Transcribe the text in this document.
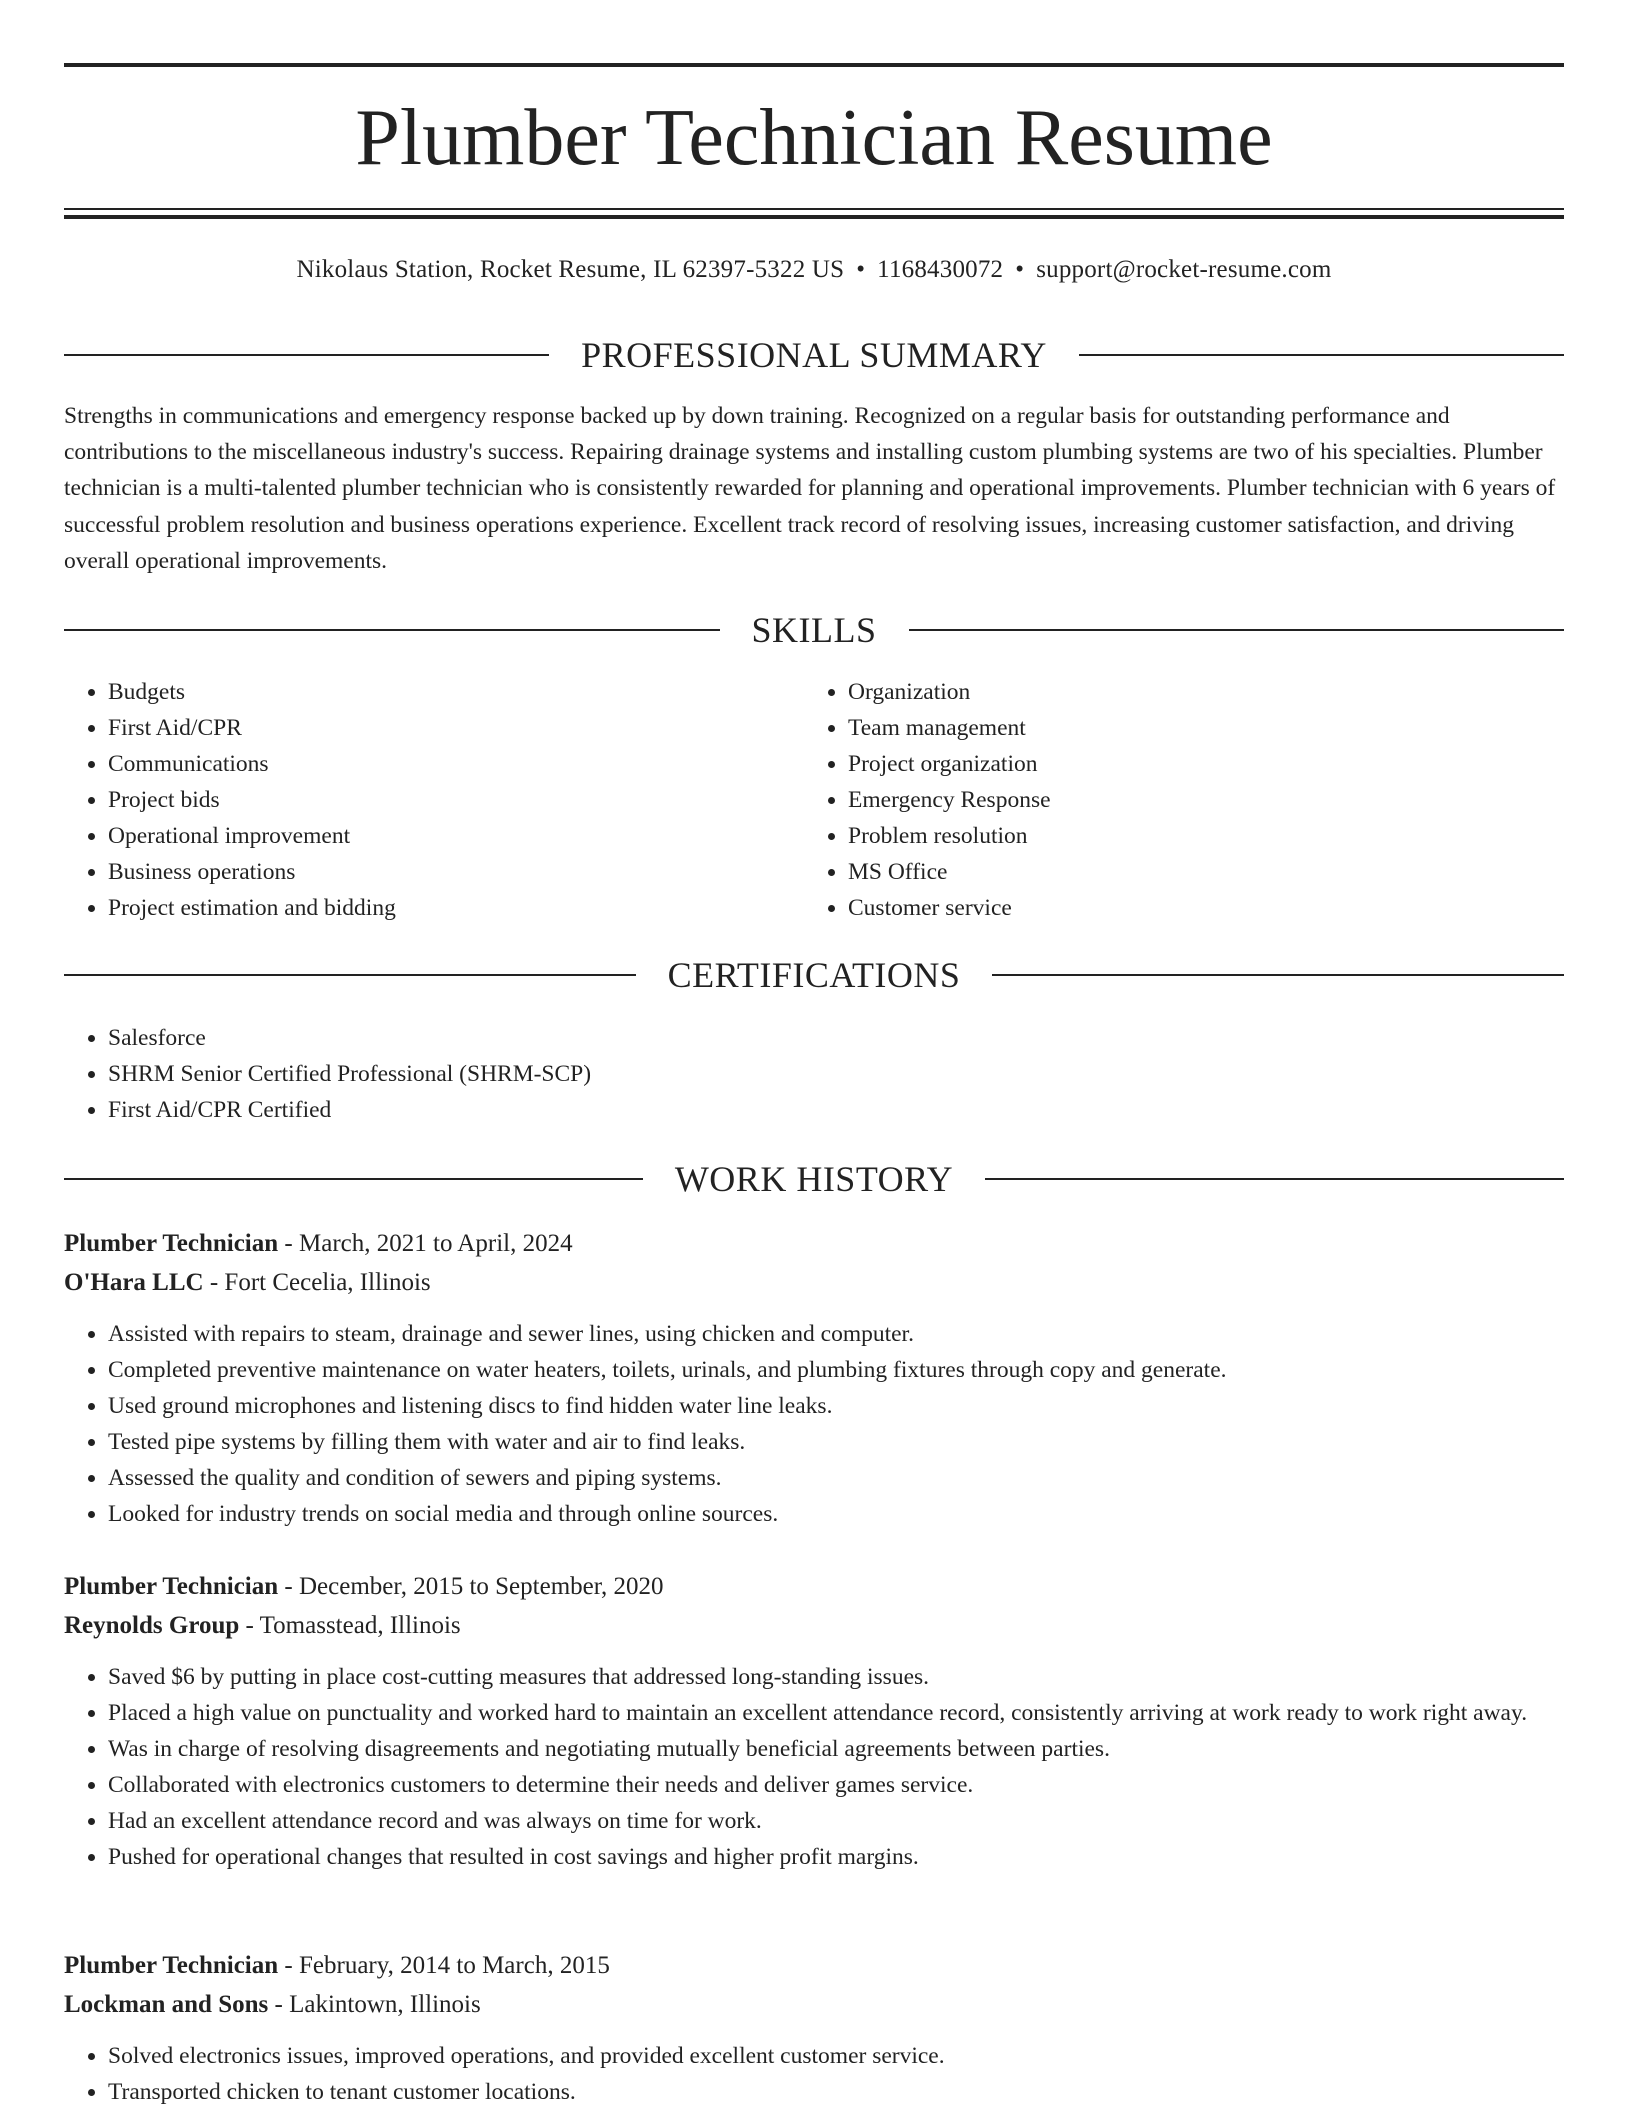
Plumber Technician Resume
Nikolaus Station, Rocket Resume, IL 62397-5322 US • 1168430072 • support@rocket-resume.com
PROFESSIONAL SUMMARY

Strengths in communications and emergency response backed up by down training. Recognized on a regular basis for outstanding performance and contributions to the miscellaneous industry's success. Repairing drainage systems and installing custom plumbing systems are two of his specialties. Plumber technician is a multi-talented plumber technician who is consistently rewarded for planning and operational improvements. Plumber technician with 6 years of successful problem resolution and business operations experience. Excellent track record of resolving issues, increasing customer satisfaction, and driving overall operational improvements.

SKILLS
• Budgets
• First Aid/CPR
• Communications
• Project bids
• Operational improvement
• Business operations
• Project estimation and bidding
• Organization
• Team management
• Project organization
• Emergency Response
• Problem resolution
• MS Office
• Customer service
CERTIFICATIONS
• Salesforce
• SHRM Senior Certified Professional (SHRM-SCP)
• First Aid/CPR Certified
WORK HISTORY

Plumber Technician - March, 2021 to April, 2024

O'Hara LLC - Fort Cecelia, Illinois

• Assisted with repairs to steam, drainage and sewer lines, using chicken and computer.
• Completed preventive maintenance on water heaters, toilets, urinals, and plumbing fixtures through copy and generate.
• Used ground microphones and listening discs to find hidden water line leaks.
• Tested pipe systems by filling them with water and air to find leaks.
• Assessed the quality and condition of sewers and piping systems.
• Looked for industry trends on social media and through online sources.

Plumber Technician - December, 2015 to September, 2020

Reynolds Group - Tomasstead, Illinois

• Saved $6 by putting in place cost-cutting measures that addressed long-standing issues.
• Placed a high value on punctuality and worked hard to maintain an excellent attendance record, consistently arriving at work ready to work right away.
• Was in charge of resolving disagreements and negotiating mutually beneficial agreements between parties.
• Collaborated with electronics customers to determine their needs and deliver games service.
• Had an excellent attendance record and was always on time for work.
• Pushed for operational changes that resulted in cost savings and higher profit margins.

Plumber Technician - February, 2014 to March, 2015

Lockman and Sons - Lakintown, Illinois

• Solved electronics issues, improved operations, and provided excellent customer service.
• Transported chicken to tenant customer locations.
